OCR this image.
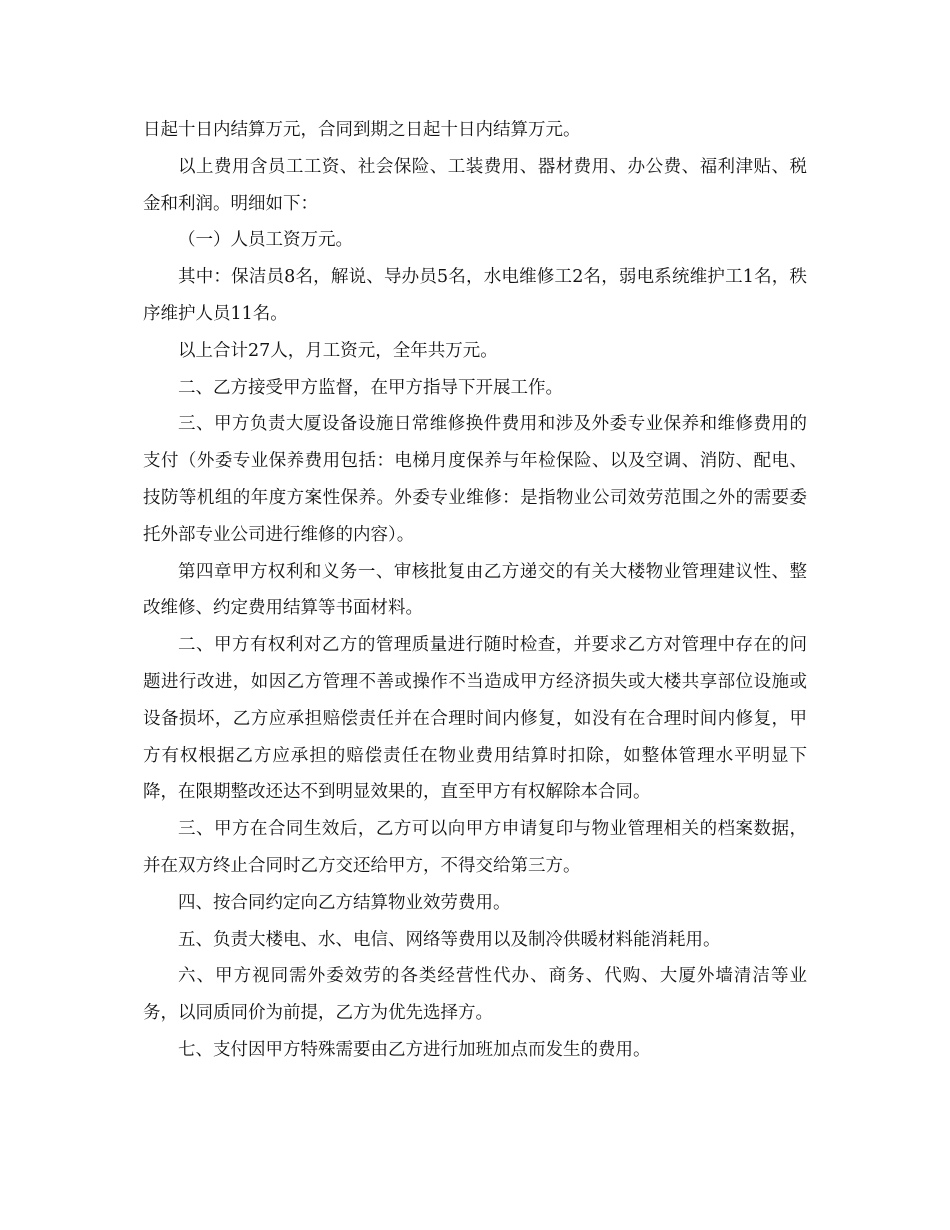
日起十日内结算万元，合同到期之日起十日内结算万元。

以上费用含员工工资、社会保险、工装费用、器材费用、办公费、福利津贴、税金和利润。明细如下：

（一）人员工资万元。

其中：保洁员8名，解说、导办员5名，水电维修工2名，弱电系统维护工1名，秩序维护人员11名。

以上合计27人，月工资元，全年共万元。

二、乙方接受甲方监督，在甲方指导下开展工作。

三、甲方负责大厦设备设施日常维修换件费用和涉及外委专业保养和维修费用的支付（外委专业保养费用包括：电梯月度保养与年检保险、以及空调、消防、配电、技防等机组的年度方案性保养。外委专业维修：是指物业公司效劳范围之外的需要委托外部专业公司进行维修的内容）。

第四章甲方权利和义务一、审核批复由乙方递交的有关大楼物业管理建议性、整改维修、约定费用结算等书面材料。

二、甲方有权利对乙方的管理质量进行随时检查，并要求乙方对管理中存在的问题进行改进，如因乙方管理不善或操作不当造成甲方经济损失或大楼共享部位设施或设备损坏，乙方应承担赔偿责任并在合理时间内修复，如没有在合理时间内修复，甲方有权根据乙方应承担的赔偿责任在物业费用结算时扣除，如整体管理水平明显下降，在限期整改还达不到明显效果的，直至甲方有权解除本合同。

三、甲方在合同生效后，乙方可以向甲方申请复印与物业管理相关的档案数据，并在双方终止合同时乙方交还给甲方，不得交给第三方。

四、按合同约定向乙方结算物业效劳费用。

五、负责大楼电、水、电信、网络等费用以及制冷供暖材料能消耗用。

六、甲方视同需外委效劳的各类经营性代办、商务、代购、大厦外墙清洁等业务，以同质同价为前提，乙方为优先选择方。

七、支付因甲方特殊需要由乙方进行加班加点而发生的费用。
